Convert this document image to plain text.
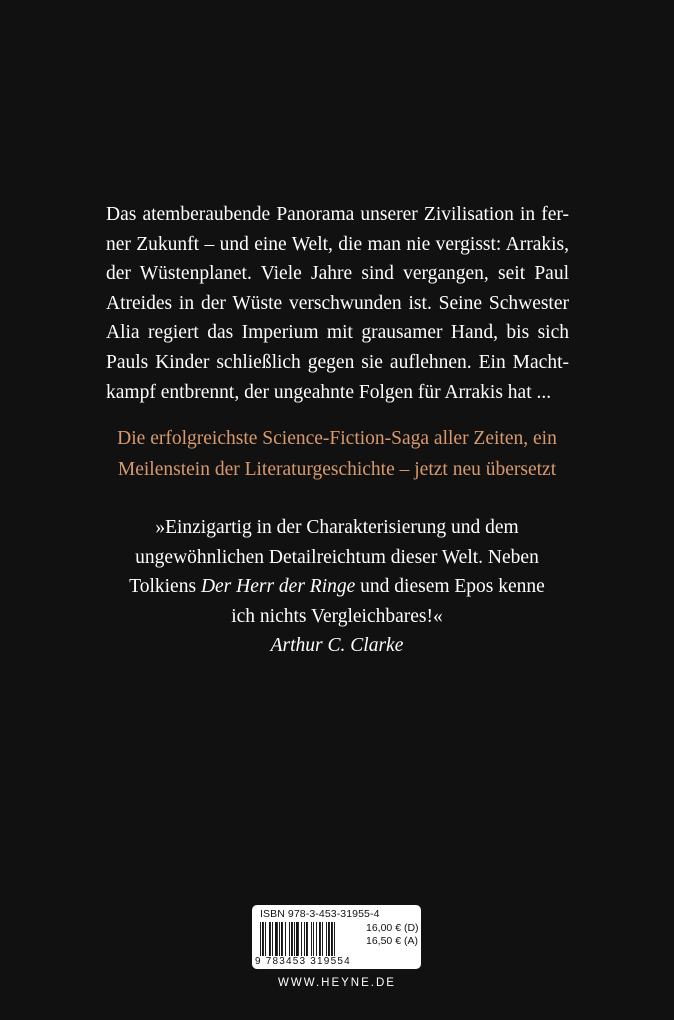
Das atemberaubende Panorama unserer Zivilisation in fer-
ner Zukunft – und eine Welt, die man nie vergisst: Arrakis,
der Wüstenplanet. Viele Jahre sind vergangen, seit Paul
Atreides in der Wüste verschwunden ist. Seine Schwester
Alia regiert das Imperium mit grausamer Hand, bis sich
Pauls Kinder schließlich gegen sie auflehnen. Ein Macht-
kampf entbrennt, der ungeahnte Folgen für Arrakis hat ...
Die erfolgreichste Science-Fiction-Saga aller Zeiten, ein
Meilenstein der Literaturgeschichte – jetzt neu übersetzt
»Einzigartig in der Charakterisierung und dem
ungewöhnlichen Detailreichtum dieser Welt. Neben
Tolkiens Der Herr der Ringe und diesem Epos kenne
ich nichts Vergleichbares!«
Arthur C. Clarke
ISBN 978-3-453-31955-4
9 783453 319554
16,00 € (D)
16,50 € (A)
WWW.HEYNE.DE
